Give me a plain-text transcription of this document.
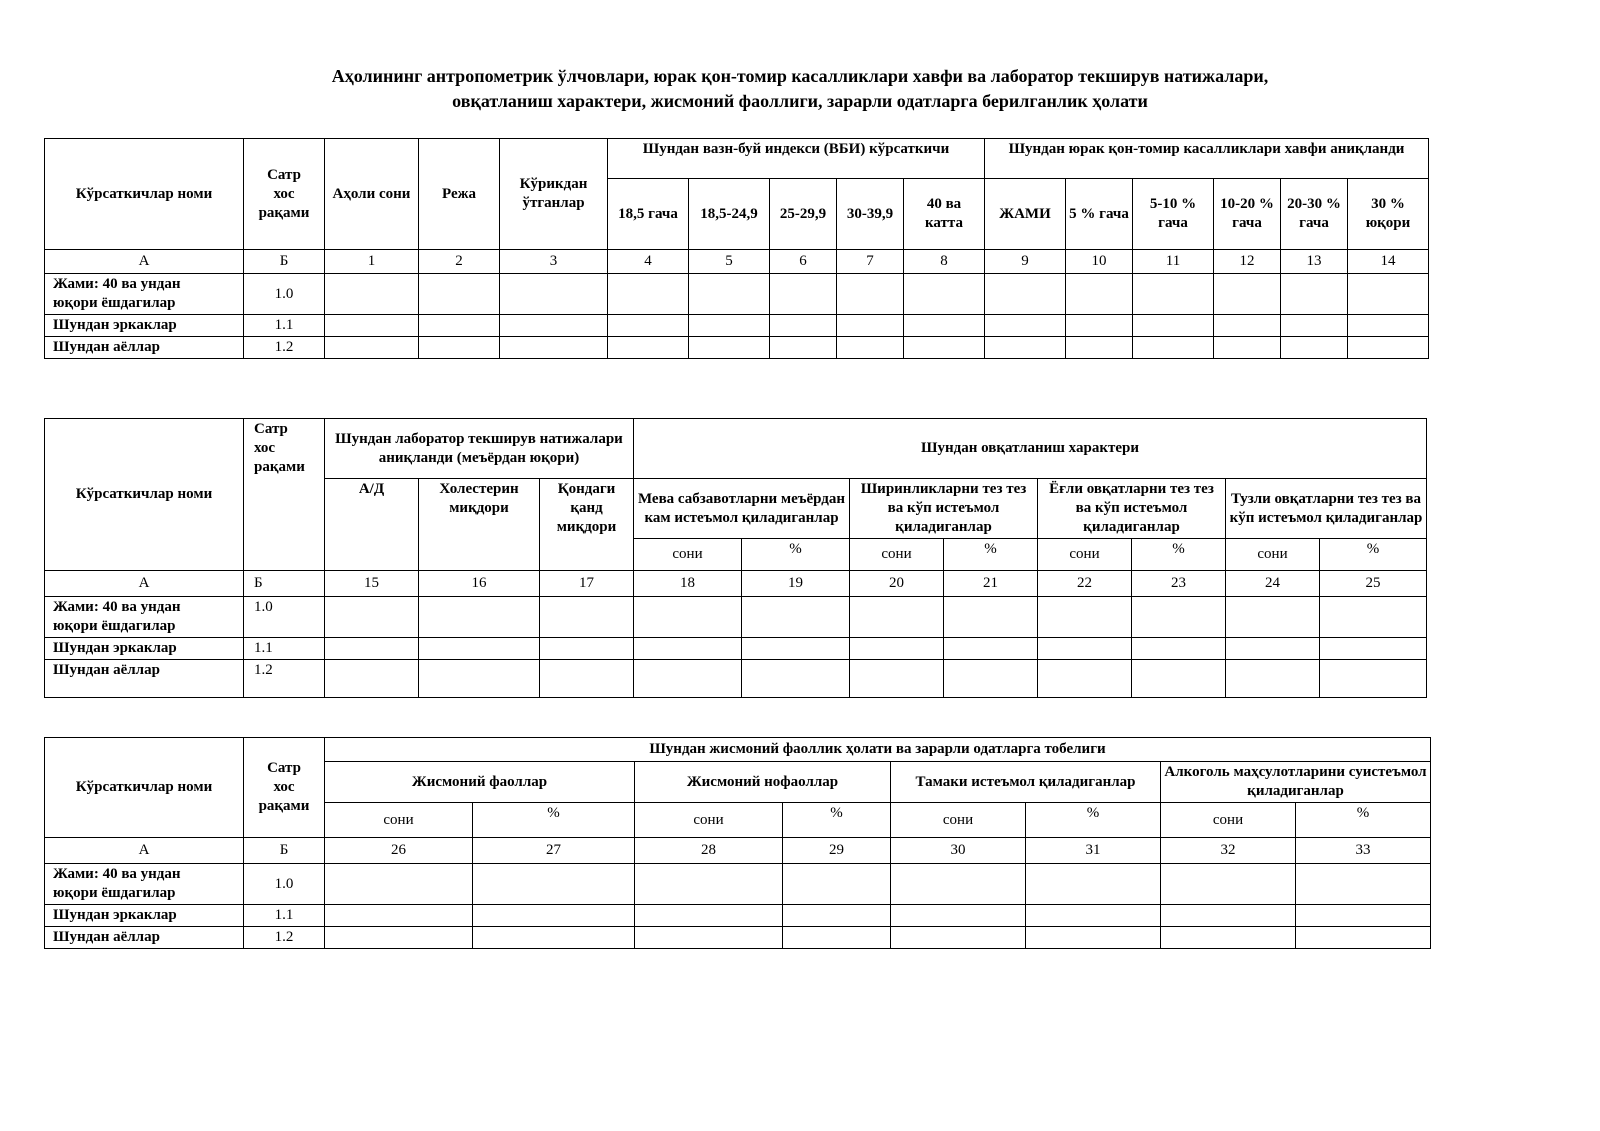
Аҳолининг антропометрик ўлчовлари, юрак қон-томир касалликлари хавфи ва лаборатор текширув натижалари,
овқатланиш характери, жисмоний фаоллиги, зарарли одатларга берилганлик ҳолати
Кўрсаткичлар номи	Сатр
хос
рақами	Аҳоли сони	Режа	Кўрикдан ўтганлар	Шундан вазн-буй индекси (ВБИ) кўрсаткичи					Шундан юрак қон-томир касалликлари хавфи аниқланди					
					18,5 гача	18,5-24,9	25-29,9	30-39,9	40 ва катта	ЖАМИ	5 % гача	5-10 % гача	10-20 % гача	20-30 % гача	30 % юқори
А	Б	1	2	3	4	5	6	7	8	9	10	11	12	13	14
Жами: 40 ва ундан
юқори ёшдагилар	1.0														
Шундан эркаклар	1.1														
Шундан аёллар	1.2														
Кўрсаткичлар номи	Сатр
хос
рақами	Шундан лаборатор текширув натижалари аниқланди (меъёрдан юқори)			Шундан овқатланиш характери							
		А/Д	Холестерин миқдори	Қондаги қанд миқдори	Мева сабзавотларни меъёрдан кам истеъмол қиладиганлар		Ширинликларни тез тез ва кўп истеъмол қиладиганлар		Ёғли овқатларни тез тез ва кўп истеъмол қиладиганлар		Тузли овқатларни тез тез ва кўп истеъмол қиладиганлар	
					сони	%	сони	%	сони	%	сони	%
А	Б	15	16	17	18	19	20	21	22	23	24	25
Жами: 40 ва ундан
юқори ёшдагилар	1.0											
Шундан эркаклар	1.1											
Шундан аёллар	1.2											
Кўрсаткичлар номи	Сатр
хос
рақами	Шундан жисмоний фаоллик ҳолати ва зарарли одатларга тобелиги							
		Жисмоний фаоллар		Жисмоний нофаоллар		Тамаки истеъмол қиладиганлар		Алкоголь маҳсулотларини суистеъмол қиладиганлар	
		сони	%	сони	%	сони	%	сони	%
А	Б	26	27	28	29	30	31	32	33
Жами: 40 ва ундан
юқори ёшдагилар	1.0								
Шундан эркаклар	1.1								
Шундан аёллар	1.2								
